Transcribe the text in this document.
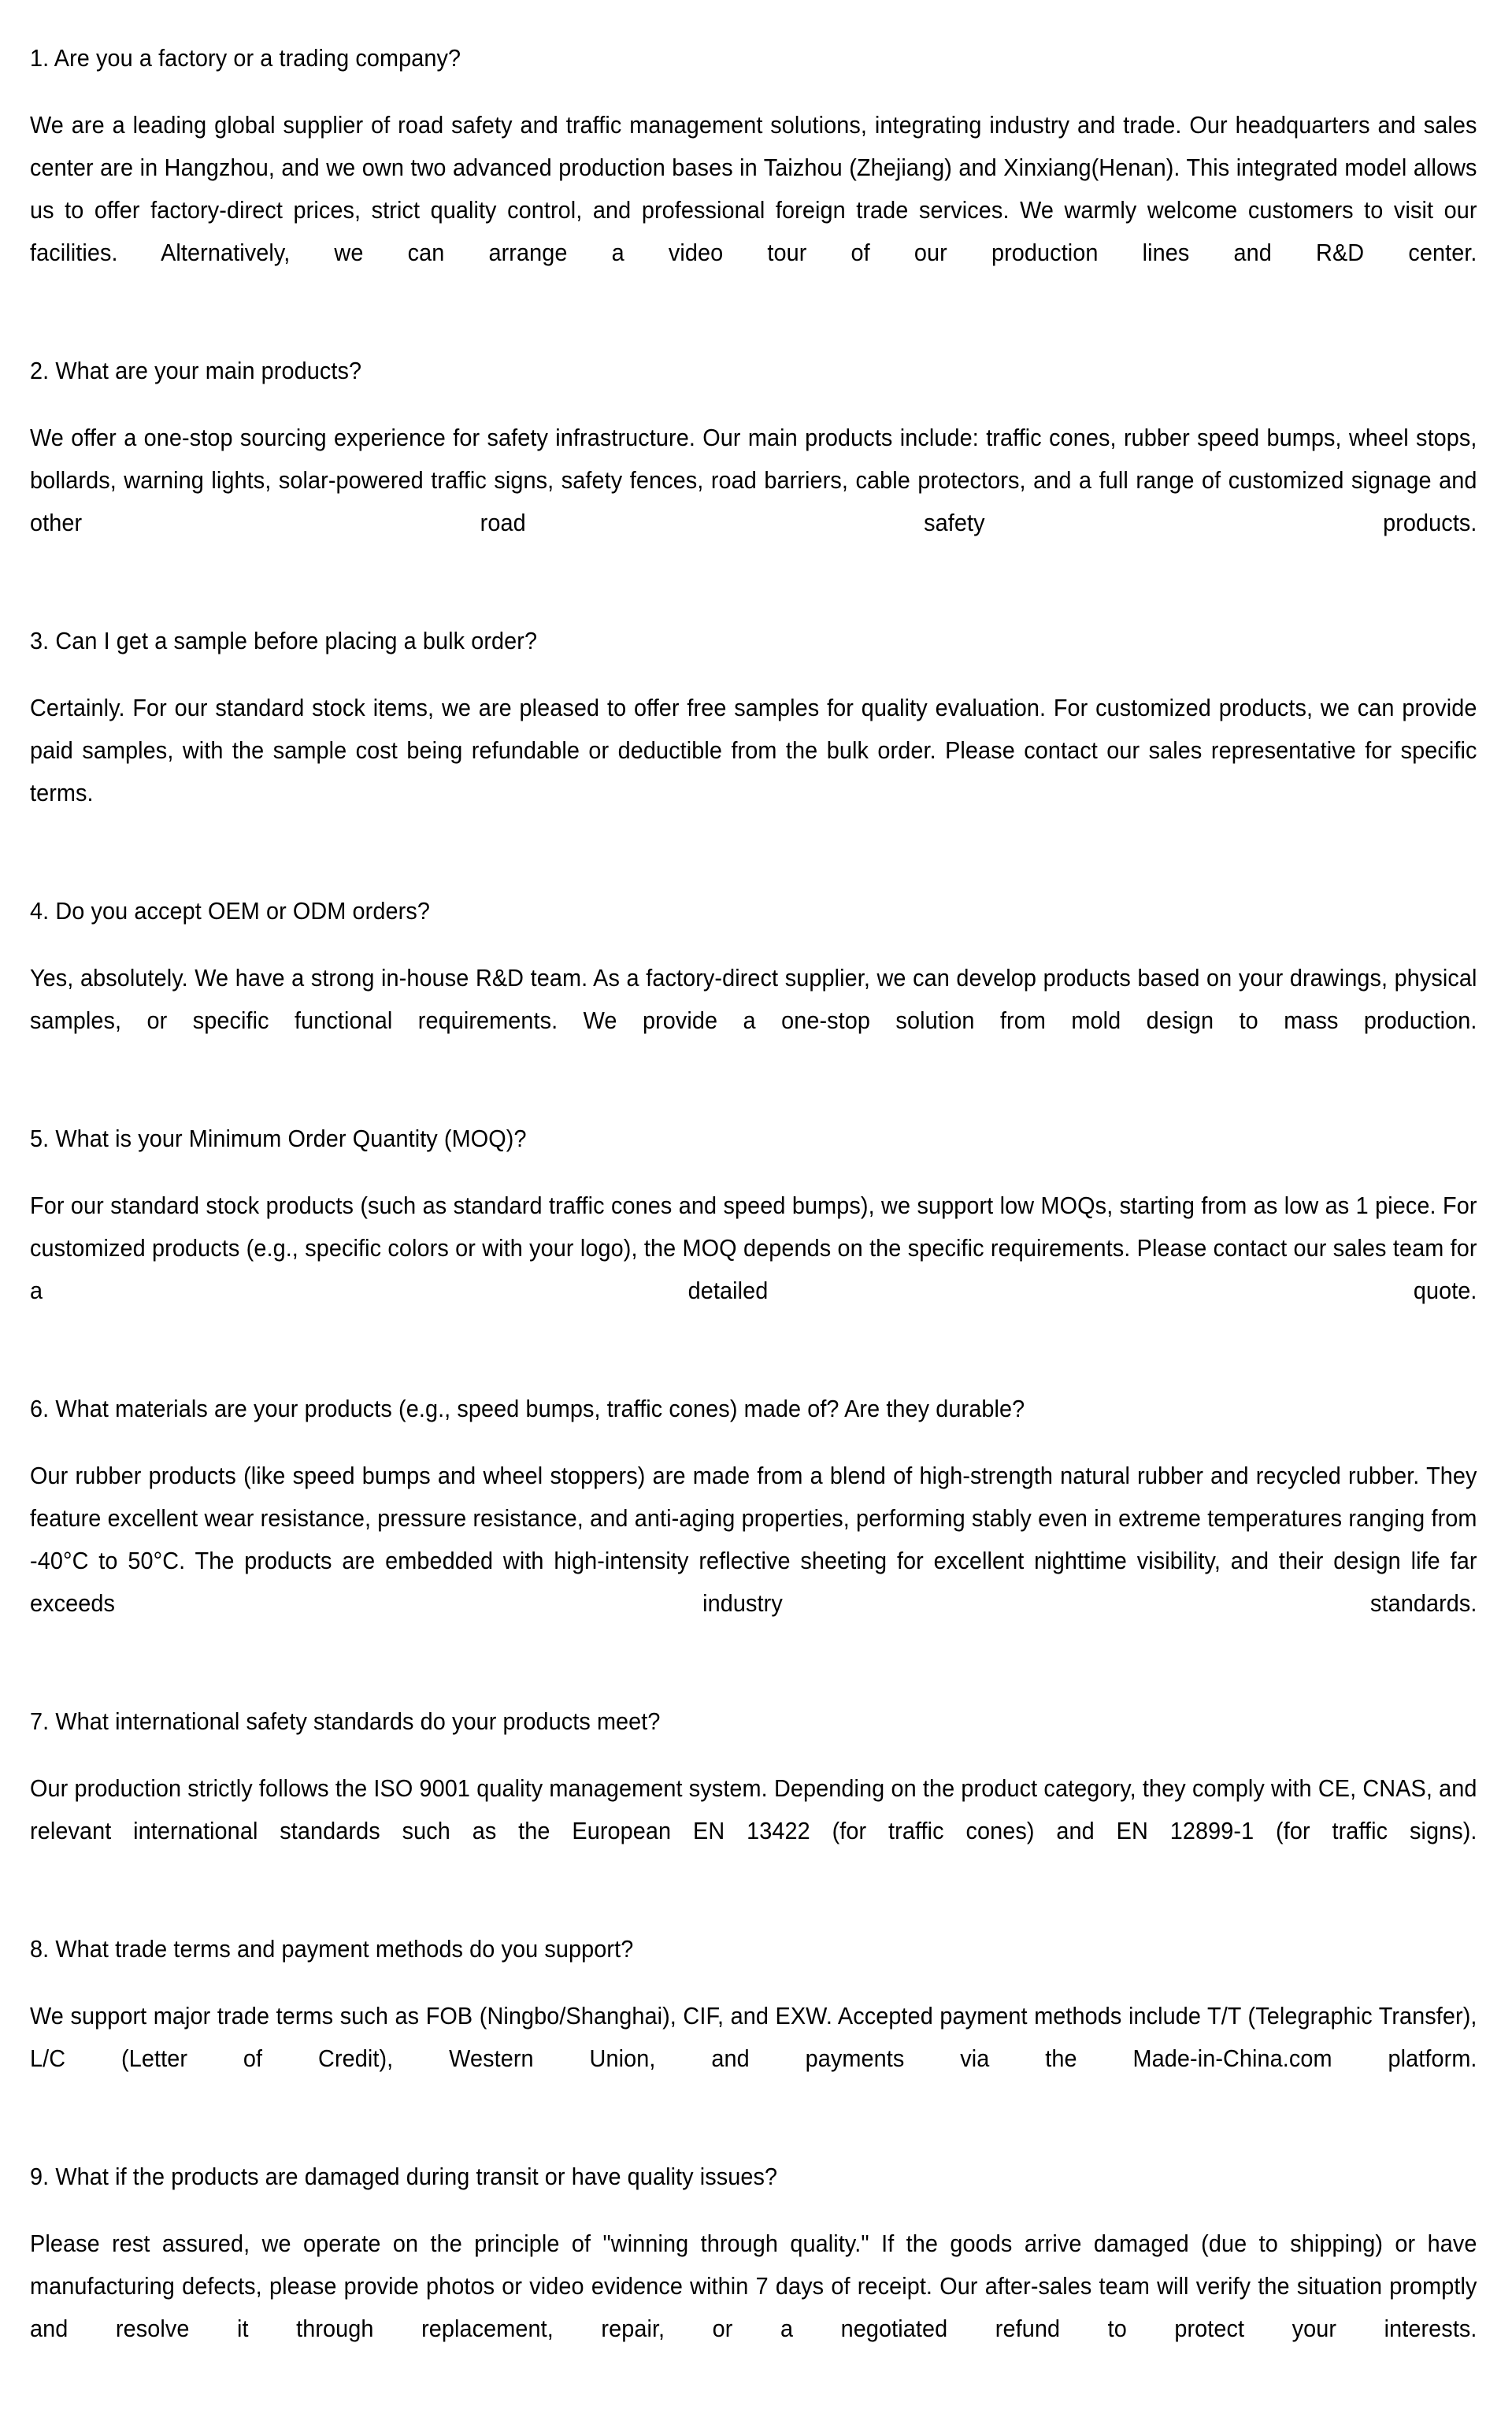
1. Are you a factory or a trading company?

We are a leading global supplier of road safety and traffic management solutions, integrating industry and trade. Our headquarters and sales center are in Hangzhou, and we own two advanced production bases in Taizhou (Zhejiang) and Xinxiang(Henan). This integrated model allows us to offer factory-direct prices, strict quality control, and professional foreign trade services. We warmly welcome customers to visit our facilities. Alternatively, we can arrange a video tour of our production lines and R&D center.

2. What are your main products?

We offer a one-stop sourcing experience for safety infrastructure. Our main products include: traffic cones, rubber speed bumps, wheel stops, bollards, warning lights, solar-powered traffic signs, safety fences, road barriers, cable protectors, and a full range of customized signage and other road safety products.

3. Can I get a sample before placing a bulk order?

Certainly. For our standard stock items, we are pleased to offer free samples for quality evaluation. For customized products, we can provide paid samples, with the sample cost being refundable or deductible from the bulk order. Please contact our sales representative for specific terms.

4. Do you accept OEM or ODM orders?

Yes, absolutely. We have a strong in-house R&D team. As a factory-direct supplier, we can develop products based on your drawings, physical samples, or specific functional requirements. We provide a one-stop solution from mold design to mass production.

5. What is your Minimum Order Quantity (MOQ)?

For our standard stock products (such as standard traffic cones and speed bumps), we support low MOQs, starting from as low as 1 piece. For customized products (e.g., specific colors or with your logo), the MOQ depends on the specific requirements. Please contact our sales team for a detailed quote.

6. What materials are your products (e.g., speed bumps, traffic cones) made of? Are they durable?

Our rubber products (like speed bumps and wheel stoppers) are made from a blend of high-strength natural rubber and recycled rubber. They feature excellent wear resistance, pressure resistance, and anti-aging properties, performing stably even in extreme temperatures ranging from -40°C to 50°C. The products are embedded with high-intensity reflective sheeting for excellent nighttime visibility, and their design life far exceeds industry standards.

7. What international safety standards do your products meet?

Our production strictly follows the ISO 9001 quality management system. Depending on the product category, they comply with CE, CNAS, and relevant international standards such as the European EN 13422 (for traffic cones) and EN 12899-1 (for traffic signs).

8. What trade terms and payment methods do you support?

We support major trade terms such as FOB (Ningbo/Shanghai), CIF, and EXW. Accepted payment methods include T/T (Telegraphic Transfer), L/C (Letter of Credit), Western Union, and payments via the Made-in-China.com platform.

9. What if the products are damaged during transit or have quality issues?

Please rest assured, we operate on the principle of "winning through quality." If the goods arrive damaged (due to shipping) or have manufacturing defects, please provide photos or video evidence within 7 days of receipt. Our after-sales team will verify the situation promptly and resolve it through replacement, repair, or a negotiated refund to protect your interests.
